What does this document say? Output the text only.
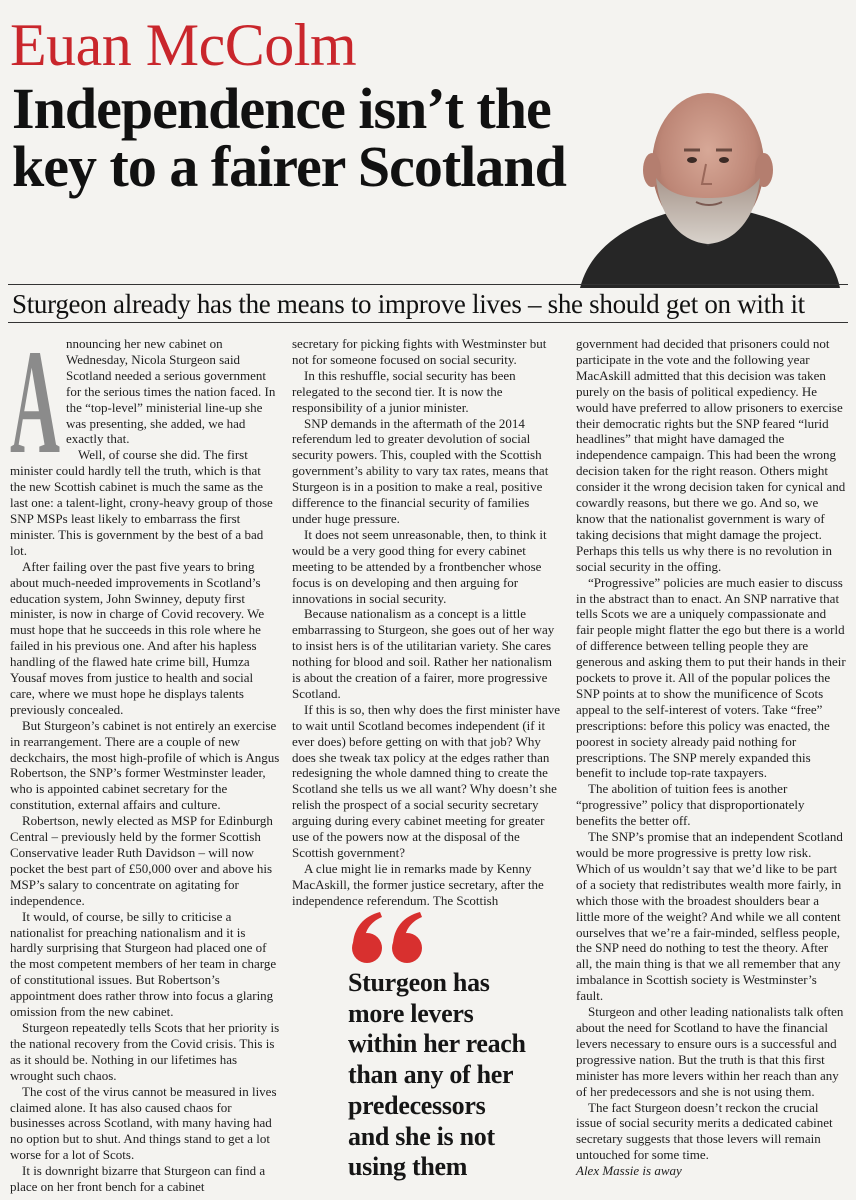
Euan McColm
Independence isn’t the
key to a fairer Scotland
Sturgeon already has the means to improve lives – she should get on with it
A nnouncing her new cabinet on Wednesday, Nicola Sturgeon said Scotland needed a serious government for the serious times the nation faced. In the “top-level” ministerial line-up she was presenting, she added, we had exactly that.

Well, of course she did. The first minister could hardly tell the truth, which is that the new Scottish cabinet is much the same as the last one: a talent-light, crony-heavy group of those SNP MSPs least likely to embarrass the first minister. This is government by the best of a bad lot.

After failing over the past five years to bring about much-needed improvements in Scotland’s education system, John Swinney, deputy first minister, is now in charge of Covid recovery. We must hope that he succeeds in this role where he failed in his previous one. And after his hapless handling of the flawed hate crime bill, Humza Yousaf moves from justice to health and social care, where we must hope he displays talents previously concealed.

But Sturgeon’s cabinet is not entirely an exercise in rearrangement. There are a couple of new deckchairs, the most high-profile of which is Angus Robertson, the SNP’s former Westminster leader, who is appointed cabinet secretary for the constitution, external affairs and culture.

Robertson, newly elected as MSP for Edinburgh Central – previously held by the former Scottish Conservative leader Ruth Davidson – will now pocket the best part of £50,000 over and above his MSP’s salary to concentrate on agitating for independence.

It would, of course, be silly to criticise a nationalist for preaching nationalism and it is hardly surprising that Sturgeon had placed one of the most competent members of her team in charge of constitutional issues. But Robertson’s appointment does rather throw into focus a glaring omission from the new cabinet.

Sturgeon repeatedly tells Scots that her priority is the national recovery from the Covid crisis. This is as it should be. Nothing in our lifetimes has wrought such chaos.

The cost of the virus cannot be measured in lives claimed alone. It has also caused chaos for businesses across Scotland, with many having had no option but to shut. And things stand to get a lot worse for a lot of Scots.

It is downright bizarre that Sturgeon can find a place on her front bench for a cabinet

secretary for picking fights with Westminster but not for someone focused on social security.

In this reshuffle, social security has been relegated to the second tier. It is now the responsibility of a junior minister.

SNP demands in the aftermath of the 2014 referendum led to greater devolution of social security powers. This, coupled with the Scottish government’s ability to vary tax rates, means that Sturgeon is in a position to make a real, positive difference to the financial security of families under huge pressure.

It does not seem unreasonable, then, to think it would be a very good thing for every cabinet meeting to be attended by a frontbencher whose focus is on developing and then arguing for innovations in social security.

Because nationalism as a concept is a little embarrassing to Sturgeon, she goes out of her way to insist hers is of the utilitarian variety. She cares nothing for blood and soil. Rather her nationalism is about the creation of a fairer, more progressive Scotland.

If this is so, then why does the first minister have to wait until Scotland becomes independent (if it ever does) before getting on with that job? Why does she tweak tax policy at the edges rather than redesigning the whole damned thing to create the Scotland she tells us we all want? Why doesn’t she relish the prospect of a social security secretary arguing during every cabinet meeting for greater use of the powers now at the disposal of the Scottish government?

A clue might lie in remarks made by Kenny MacAskill, the former justice secretary, after the independence referendum. The Scottish

Sturgeon has
more levers
within her reach
than any of her
predecessors
and she is not
using them

government had decided that prisoners could not participate in the vote and the following year MacAskill admitted that this decision was taken purely on the basis of political expediency. He would have preferred to allow prisoners to exercise their democratic rights but the SNP feared “lurid headlines” that might have damaged the independence campaign. This had been the wrong decision taken for the right reason. Others might consider it the wrong decision taken for cynical and cowardly reasons, but there we go. And so, we know that the nationalist government is wary of taking decisions that might damage the project. Perhaps this tells us why there is no revolution in social security in the offing.

“Progressive” policies are much easier to discuss in the abstract than to enact. An SNP narrative that tells Scots we are a uniquely compassionate and fair people might flatter the ego but there is a world of difference between telling people they are generous and asking them to put their hands in their pockets to prove it. All of the popular polices the SNP points at to show the munificence of Scots appeal to the self-interest of voters. Take “free” prescriptions: before this policy was enacted, the poorest in society already paid nothing for prescriptions. The SNP merely expanded this benefit to include top-rate taxpayers.

The abolition of tuition fees is another “progressive” policy that disproportionately benefits the better off.

The SNP’s promise that an independent Scotland would be more progressive is pretty low risk. Which of us wouldn’t say that we’d like to be part of a society that redistributes wealth more fairly, in which those with the broadest shoulders bear a little more of the weight? And while we all content ourselves that we’re a fair-minded, selfless people, the SNP need do nothing to test the theory. After all, the main thing is that we all remember that any imbalance in Scottish society is Westminster’s fault.

Sturgeon and other leading nationalists talk often about the need for Scotland to have the financial levers necessary to ensure ours is a successful and progressive nation. But the truth is that this first minister has more levers within her reach than any of her predecessors and she is not using them.

The fact Sturgeon doesn’t reckon the crucial issue of social security merits a dedicated cabinet secretary suggests that those levers will remain untouched for some time.

Alex Massie is away
